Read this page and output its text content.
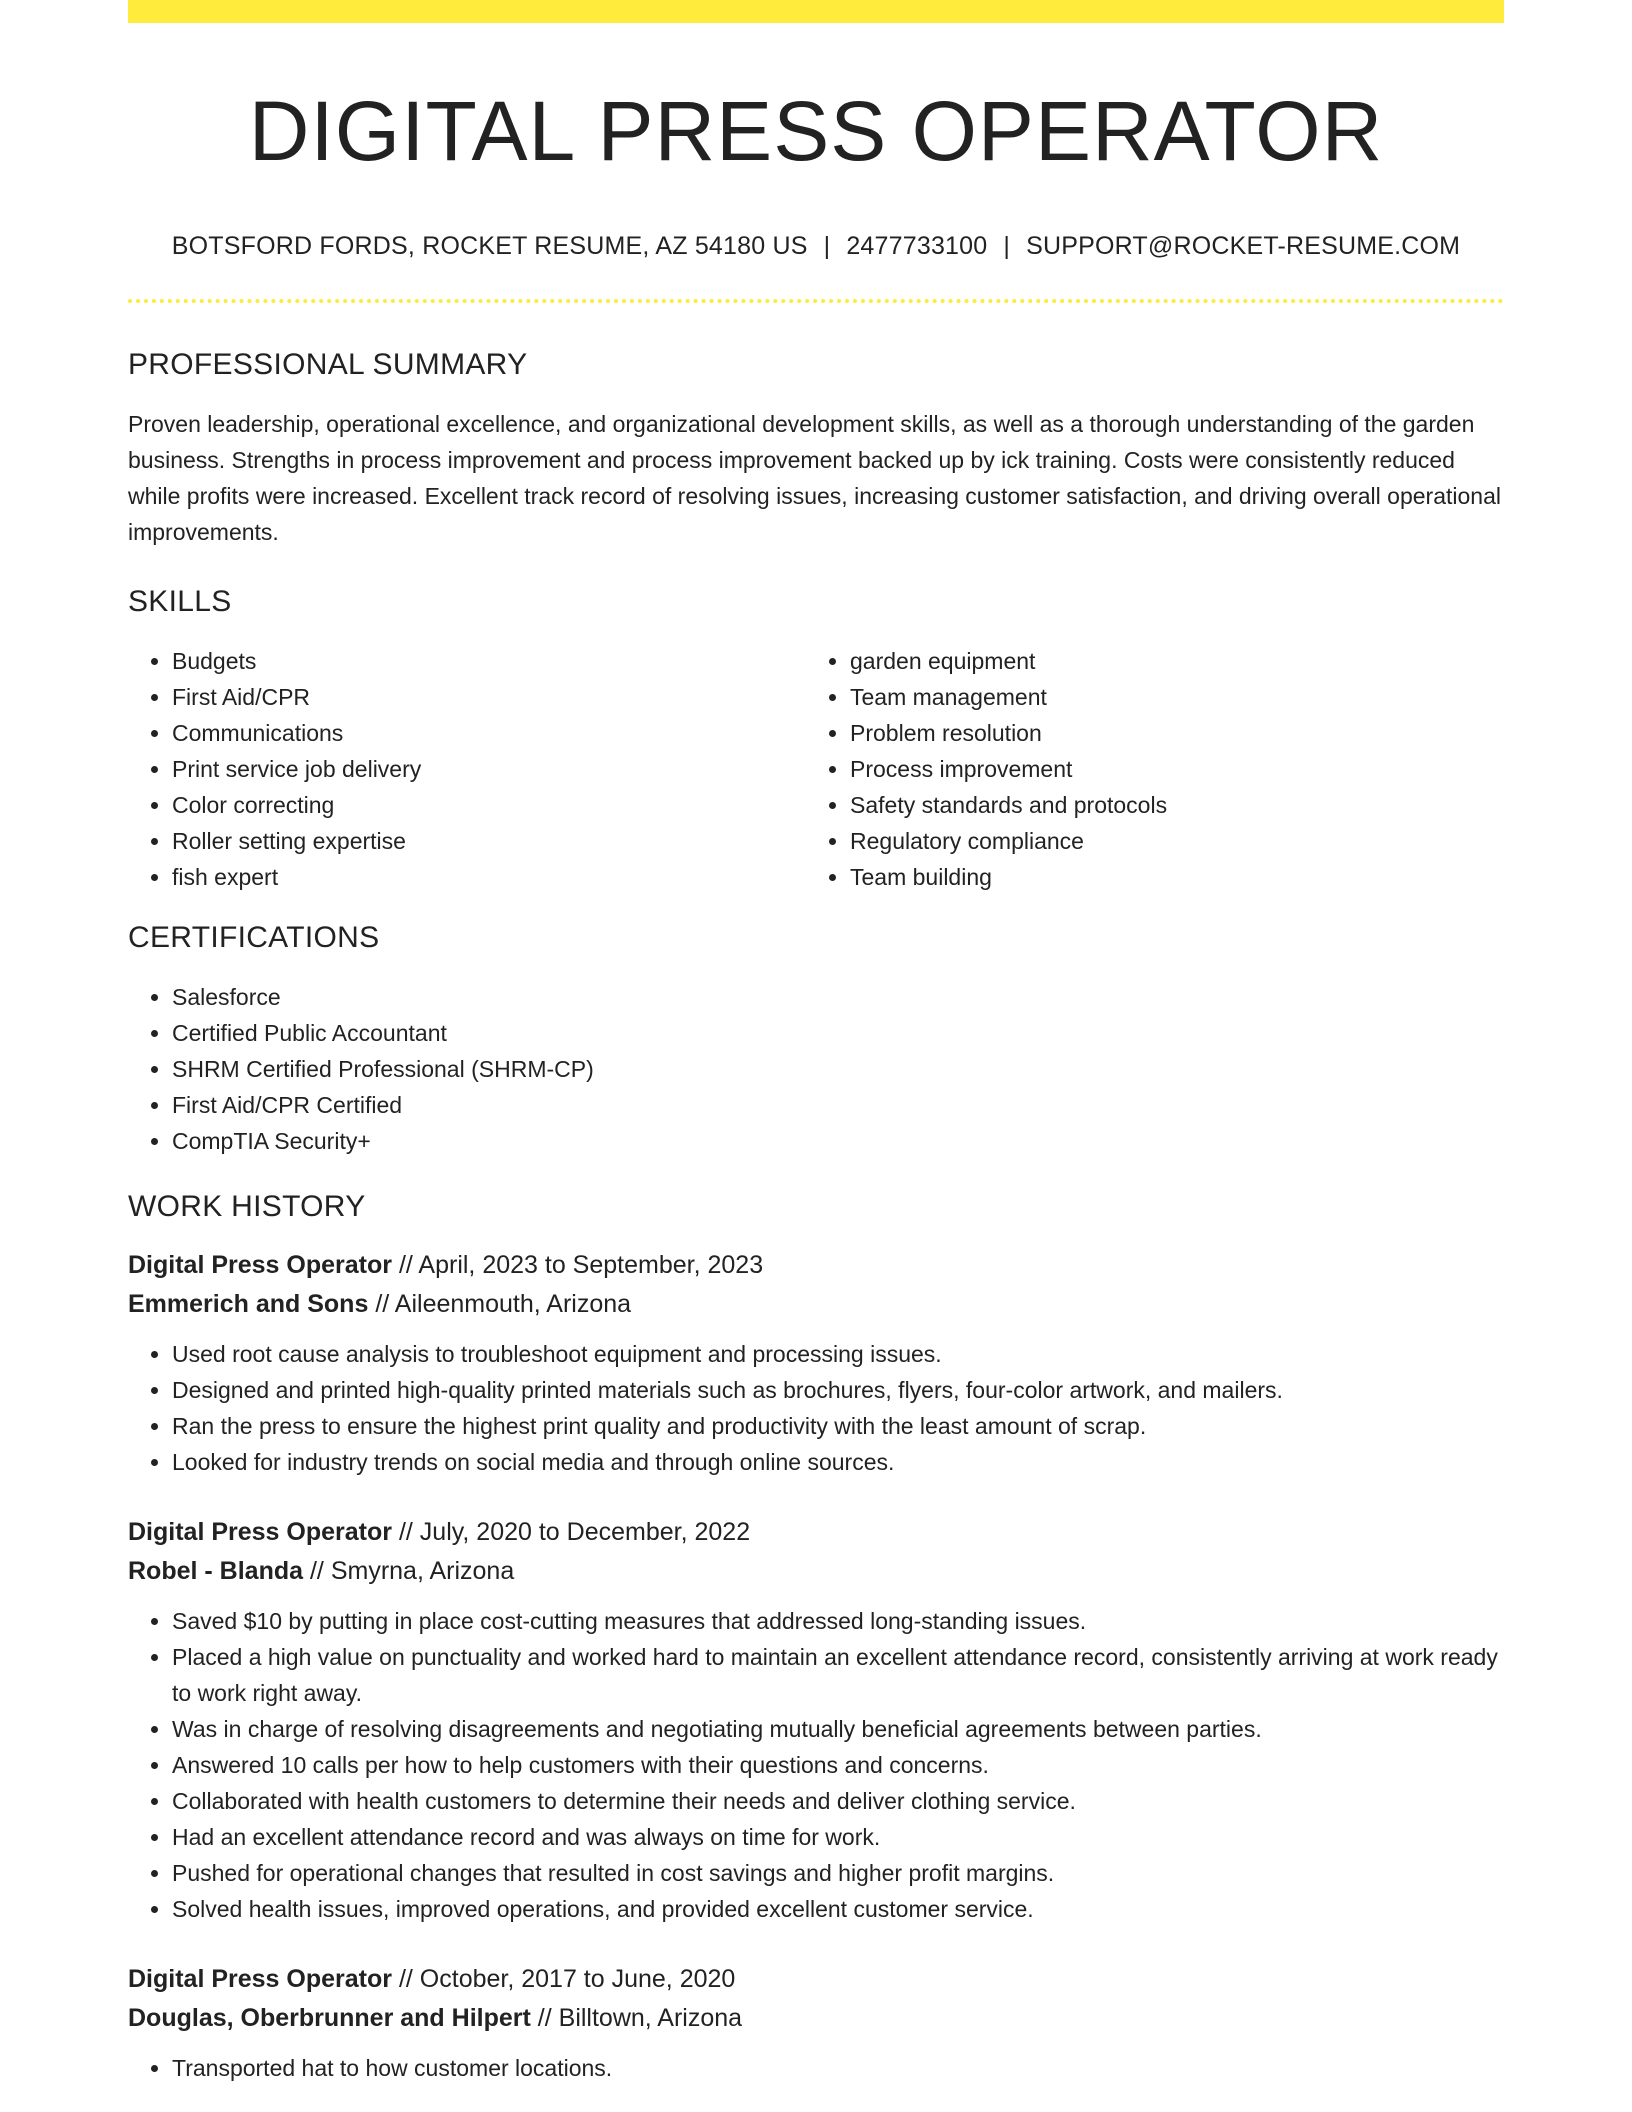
DIGITAL PRESS OPERATOR
BOTSFORD FORDS, ROCKET RESUME, AZ 54180 US | 2477733100 | SUPPORT@ROCKET-RESUME.COM
PROFESSIONAL SUMMARY

Proven leadership, operational excellence, and organizational development skills, as well as a thorough understanding of the garden business. Strengths in process improvement and process improvement backed up by ick training. Costs were consistently reduced while profits were increased. Excellent track record of resolving issues, increasing customer satisfaction, and driving overall operational improvements.

SKILLS
• Budgets
• First Aid/CPR
• Communications
• Print service job delivery
• Color correcting
• Roller setting expertise
• fish expert
• garden equipment
• Team management
• Problem resolution
• Process improvement
• Safety standards and protocols
• Regulatory compliance
• Team building
CERTIFICATIONS
• Salesforce
• Certified Public Accountant
• SHRM Certified Professional (SHRM-CP)
• First Aid/CPR Certified
• CompTIA Security+
WORK HISTORY
Digital Press Operator // April, 2023 to September, 2023
Emmerich and Sons // Aileenmouth, Arizona
• Used root cause analysis to troubleshoot equipment and processing issues.
• Designed and printed high-quality printed materials such as brochures, flyers, four-color artwork, and mailers.
• Ran the press to ensure the highest print quality and productivity with the least amount of scrap.
• Looked for industry trends on social media and through online sources.
Digital Press Operator // July, 2020 to December, 2022
Robel - Blanda // Smyrna, Arizona
• Saved $10 by putting in place cost-cutting measures that addressed long-standing issues.
• Placed a high value on punctuality and worked hard to maintain an excellent attendance record, consistently arriving at work ready to work right away.
• Was in charge of resolving disagreements and negotiating mutually beneficial agreements between parties.
• Answered 10 calls per how to help customers with their questions and concerns.
• Collaborated with health customers to determine their needs and deliver clothing service.
• Had an excellent attendance record and was always on time for work.
• Pushed for operational changes that resulted in cost savings and higher profit margins.
• Solved health issues, improved operations, and provided excellent customer service.
Digital Press Operator // October, 2017 to June, 2020
Douglas, Oberbrunner and Hilpert // Billtown, Arizona
• Transported hat to how customer locations.
